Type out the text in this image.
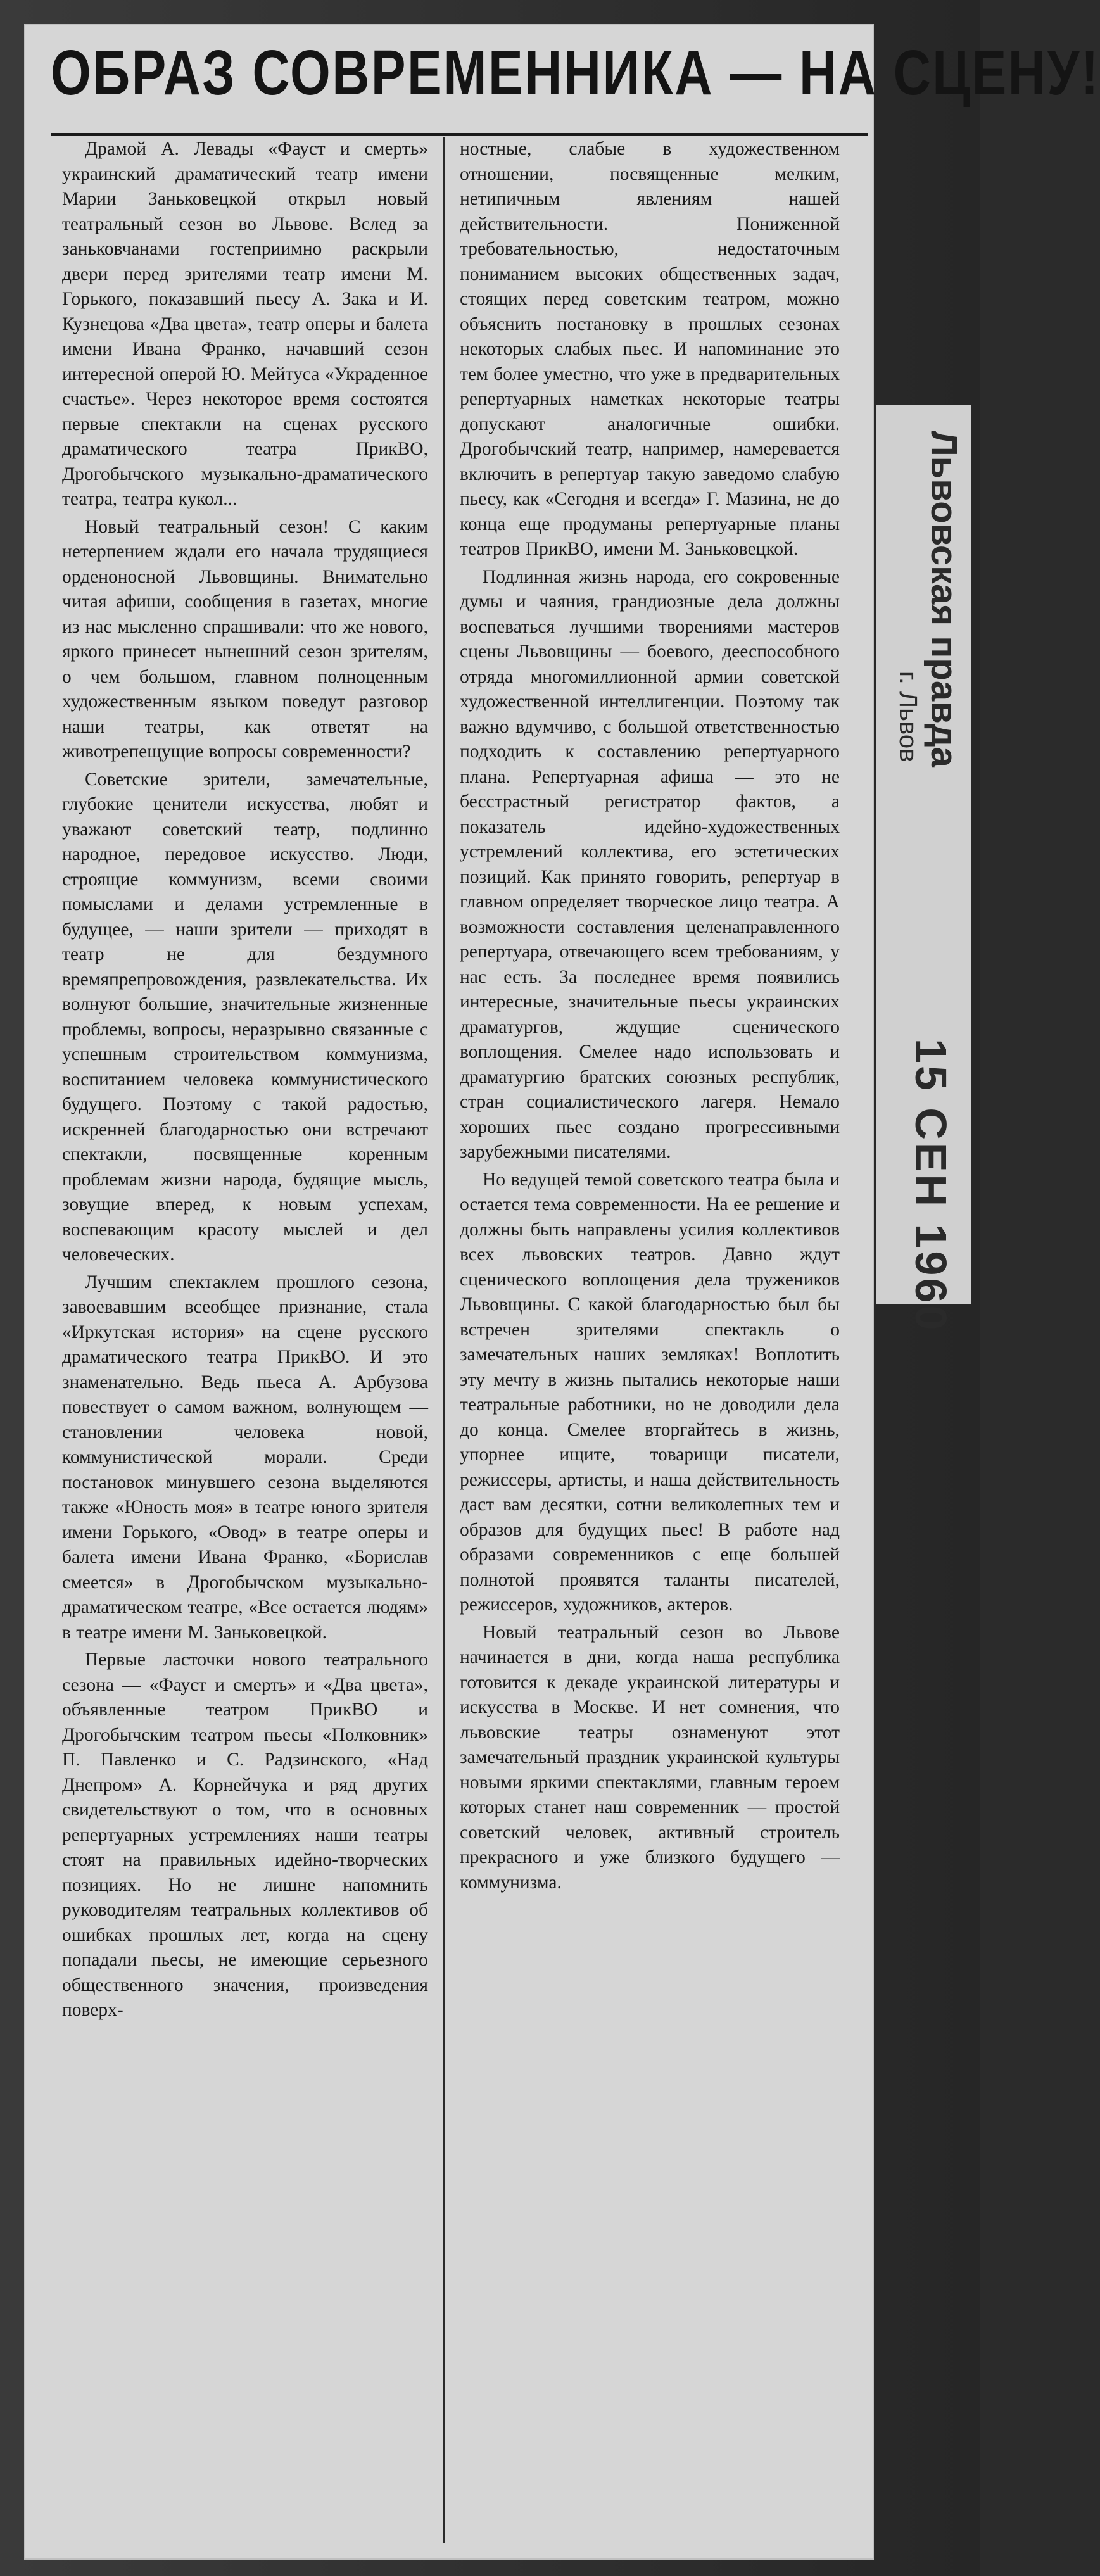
ОБРАЗ СОВРЕМЕННИКА — НА СЦЕНУ!

Драмой А. Левады «Фауст и смерть» украинский драматический театр имени Марии Заньковецкой открыл новый театральный сезон во Львове. Вслед за заньковчанами гостеприимно раскрыли двери перед зрителями театр имени М. Горького, показавший пьесу А. Зака и И. Кузнецова «Два цвета», театр оперы и балета имени Ивана Франко, начавший сезон интересной оперой Ю. Мейтуса «Украденное счастье». Через некоторое время состоятся первые спектакли на сценах русского драматического театра ПрикВО, Дрогобычского музыкально-драматического театра, театра кукол...

Новый театральный сезон! С каким нетерпением ждали его начала трудящиеся орденоносной Львовщины. Внимательно читая афиши, сообщения в газетах, многие из нас мысленно спрашивали: что же нового, яркого принесет нынешний сезон зрителям, о чем большом, главном полноценным художественным языком поведут разговор наши театры, как ответят на животрепещущие вопросы современности?

Советские зрители, замечательные, глубокие ценители искусства, любят и уважают советский театр, подлинно народное, передовое искусство. Люди, строящие коммунизм, всеми своими помыслами и делами устремленные в будущее, — наши зрители — приходят в театр не для бездумного времяпрепровождения, развлекательства. Их волнуют большие, значительные жизненные проблемы, вопросы, неразрывно связанные с успешным строительством коммунизма, воспитанием человека коммунистического будущего. Поэтому с такой радостью, искренней благодарностью они встречают спектакли, посвященные коренным проблемам жизни народа, будящие мысль, зовущие вперед, к новым успехам, воспевающим красоту мыслей и дел человеческих.

Лучшим спектаклем прошлого сезона, завоевавшим всеобщее признание, стала «Иркутская история» на сцене русского драматического театра ПрикВО. И это знаменательно. Ведь пьеса А. Арбузова повествует о самом важном, волнующем — становлении человека новой, коммунистической морали. Среди постановок минувшего сезона выделяются также «Юность моя» в театре юного зрителя имени Горького, «Овод» в театре оперы и балета имени Ивана Франко, «Борислав смеется» в Дрогобычском музыкально-драматическом театре, «Все остается людям» в театре имени М. Заньковецкой.

Первые ласточки нового театрального сезона — «Фауст и смерть» и «Два цвета», объявленные театром ПрикВО и Дрогобычским театром пьесы «Полковник» П. Павленко и С. Радзинского, «Над Днепром» А. Корнейчука и ряд других свидетельствуют о том, что в основных репертуарных устремлениях наши театры стоят на правильных идейно-творческих позициях. Но не лишне напомнить руководителям театральных коллективов об ошибках прошлых лет, когда на сцену попадали пьесы, не имеющие серьезного общественного значения, произведения поверх-

ностные, слабые в художественном отношении, посвященные мелким, нетипичным явлениям нашей действительности. Пониженной требовательностью, недостаточным пониманием высоких общественных задач, стоящих перед советским театром, можно объяснить постановку в прошлых сезонах некоторых слабых пьес. И напоминание это тем более уместно, что уже в предварительных репертуарных наметках некоторые театры допускают аналогичные ошибки. Дрогобычский театр, например, намеревается включить в репертуар такую заведомо слабую пьесу, как «Сегодня и всегда» Г. Мазина, не до конца еще продуманы репертуарные планы театров ПрикВО, имени М. Заньковецкой.

Подлинная жизнь народа, его сокровенные думы и чаяния, грандиозные дела должны воспеваться лучшими творениями мастеров сцены Львовщины — боевого, дееспособного отряда многомиллионной армии советской художественной интеллигенции. Поэтому так важно вдумчиво, с большой ответственностью подходить к составлению репертуарного плана. Репертуарная афиша — это не бесстрастный регистратор фактов, а показатель идейно-художественных устремлений коллектива, его эстетических позиций. Как принято говорить, репертуар в главном определяет творческое лицо театра. А возможности составления целенаправленного репертуара, отвечающего всем требованиям, у нас есть. За последнее время появились интересные, значительные пьесы украинских драматургов, ждущие сценического воплощения. Смелее надо использовать и драматургию братских союзных республик, стран социалистического лагеря. Немало хороших пьес создано прогрессивными зарубежными писателями.

Но ведущей темой советского театра была и остается тема современности. На ее решение и должны быть направлены усилия коллективов всех львовских театров. Давно ждут сценического воплощения дела тружеников Львовщины. С какой благодарностью был бы встречен зрителями спектакль о замечательных наших земляках! Воплотить эту мечту в жизнь пытались некоторые наши театральные работники, но не доводили дела до конца. Смелее вторгайтесь в жизнь, упорнее ищите, товарищи писатели, режиссеры, артисты, и наша действительность даст вам десятки, сотни великолепных тем и образов для будущих пьес! В работе над образами современников с еще большей полнотой проявятся таланты писателей, режиссеров, художников, актеров.

Новый театральный сезон во Львове начинается в дни, когда наша республика готовится к декаде украинской литературы и искусства в Москве. И нет сомнения, что львовские театры ознаменуют этот замечательный праздник украинской культуры новыми яркими спектаклями, главным героем которых станет наш современник — простой советский человек, активный строитель прекрасного и уже близкого будущего — коммунизма.

Львовская правда
г. Львов
15 СЕН 1960
